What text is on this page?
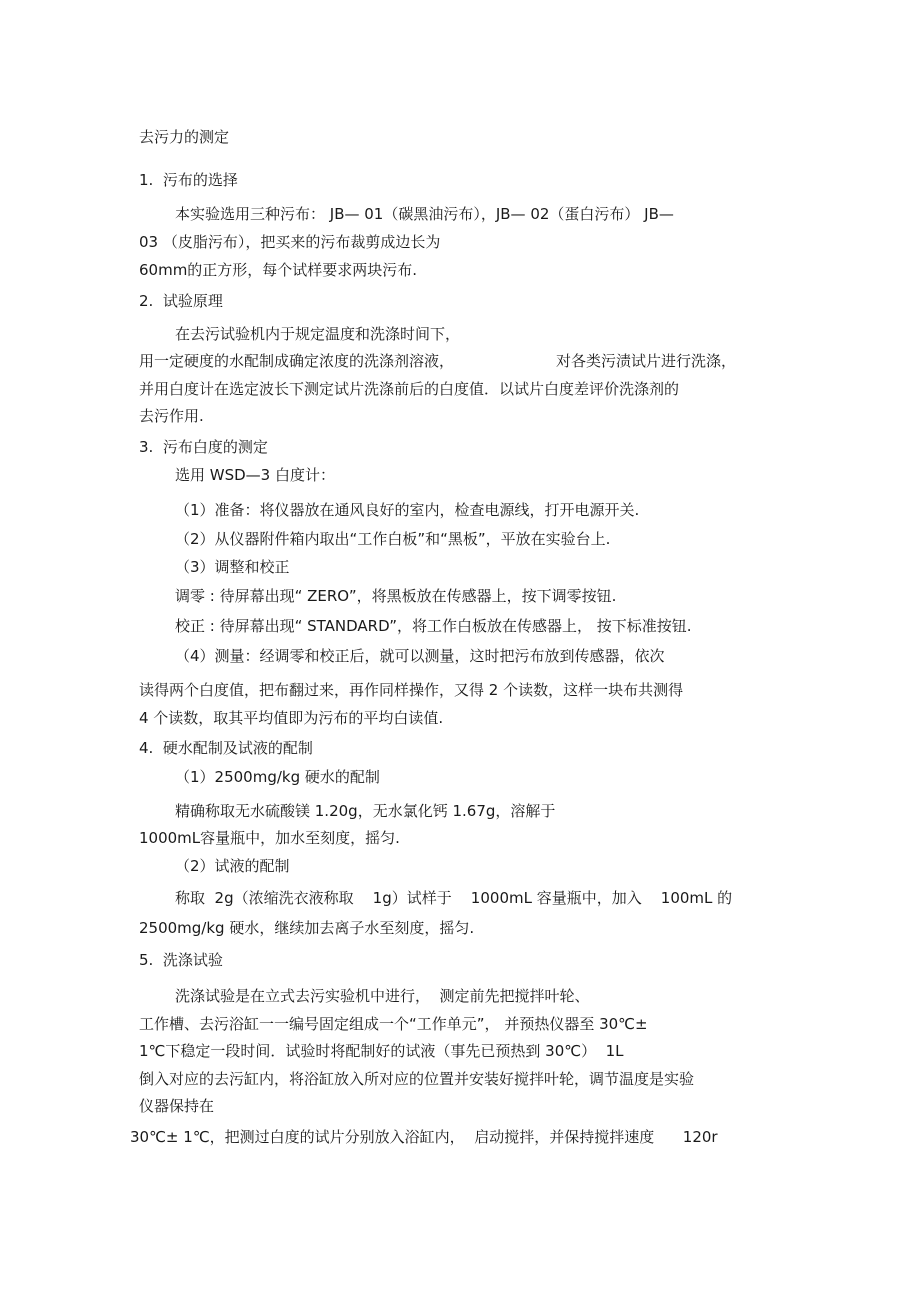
去污力的测定
1.  污布的选择
本实验选用三种污布： JB— 01（碳黑油污布），JB— 02（蛋白污布） JB—
03 （皮脂污布），把买来的污布裁剪成边长为
60mm的正方形，每个试样要求两块污布.
2.  试验原理
在去污试验机内于规定温度和洗涤时间下，
用一定硬度的水配制成确定浓度的洗涤剂溶液，	对各类污渍试片进行洗涤，
并用白度计在选定波长下测定试片洗涤前后的白度值．以试片白度差评价洗涤剂的
去污作用.
3.  污布白度的测定
选用 WSD—3 白度计：
（1）准备：将仪器放在通风良好的室内，检查电源线，打开电源开关.
（2）从仪器附件箱内取出“工作白板”和“黑板”，平放在实验台上.
（3）调整和校正
调零 : 待屏幕出现“ ZERO”，将黑板放在传感器上，按下调零按钮.
校正 : 待屏幕出现“ STANDARD”，将工作白板放在传感器上， 按下标准按钮.
（4）测量：经调零和校正后，就可以测量，这时把污布放到传感器，依次
读得两个白度值，把布翻过来，再作同样操作，又得 2 个读数，这样一块布共测得
4 个读数，取其平均值即为污布的平均白读值.
4.  硬水配制及试液的配制
（1）2500mg/kg 硬水的配制
精确称取无水硫酸镁 1.20g，无水氯化钙 1.67g，溶解于
1000mL容量瓶中，加水至刻度，摇匀.
（2）试液的配制
称取  2g（浓缩洗衣液称取    1g）试样于    1000mL 容量瓶中，加入    100mL 的
2500mg/kg 硬水，继续加去离子水至刻度，摇匀.
5.  洗涤试验
洗涤试验是在立式去污实验机中进行，  测定前先把搅拌叶轮、
工作槽、去污浴缸一一编号固定组成一个“工作单元”， 并预热仪器至 30℃±
1℃下稳定一段时间．试验时将配制好的试液（事先已预热到 30℃）  1L
倒入对应的去污缸内，将浴缸放入所对应的位置并安装好搅拌叶轮，调节温度是实验
仪器保持在
30℃± 1℃，把测过白度的试片分别放入浴缸内，  启动搅拌，并保持搅拌速度      120r
